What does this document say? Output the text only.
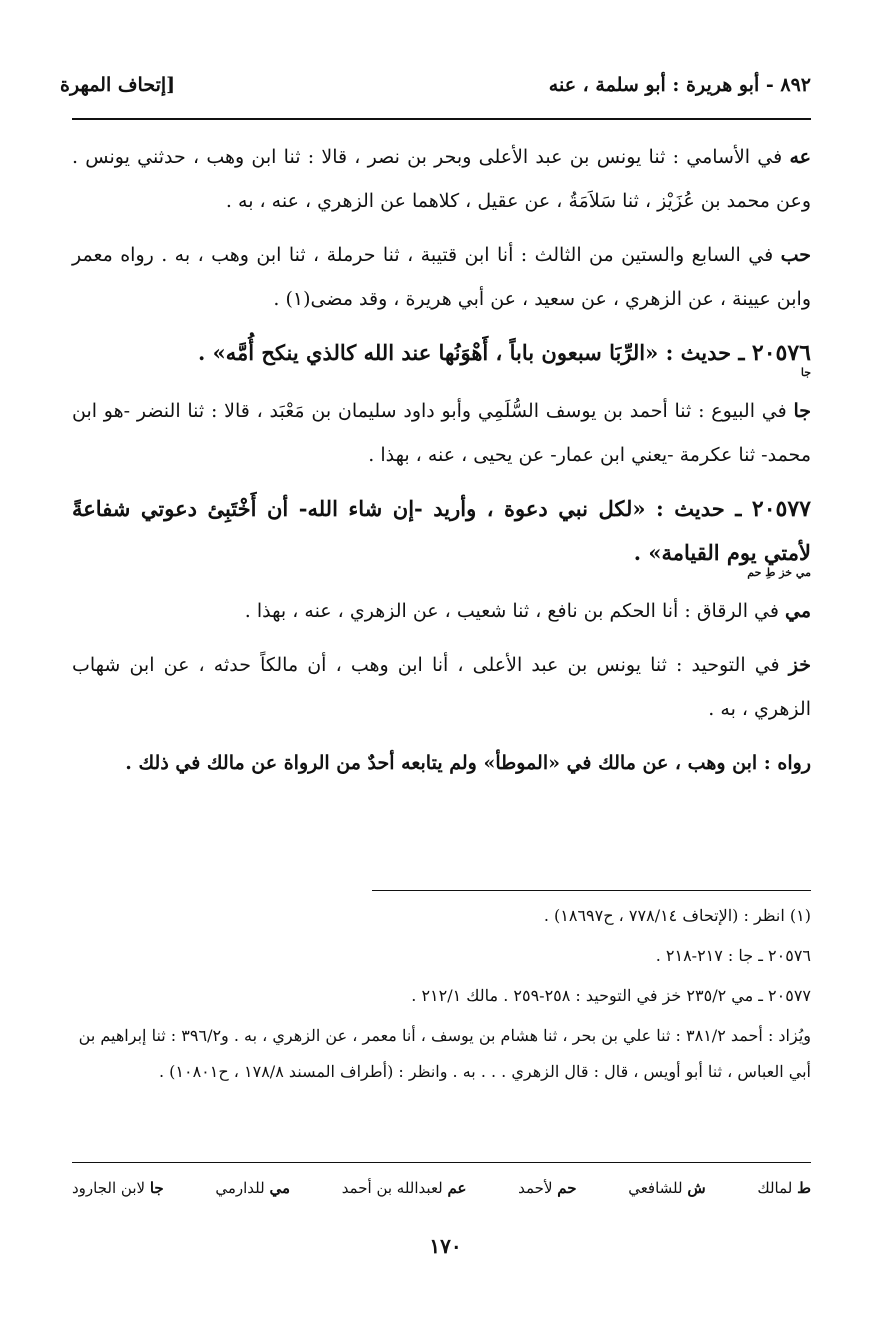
٨٩٢ - أبو هريرة : أبو سلمة ، عنه
[إتحاف المهرة

عه في الأسامي : ثنا يونس بن عبد الأعلى وبحر بن نصر ، قالا : ثنا ابن وهب ، حدثني يونس . وعن محمد بن عُزَيْز ، ثنا سَلاَمَةُ ، عن عقيل ، كلاهما عن الزهري ، عنه ، به .

حب في السابع والستين من الثالث : أنا ابن قتيبة ، ثنا حرملة ، ثنا ابن وهب ، به . رواه معمر وابن عيينة ، عن الزهري ، عن سعيد ، عن أبي هريرة ، وقد مضى(١) .

٢٠٥٧٦ ـ حديث : «الرِّبَا سبعون باباً ، أَهْوَنُها عند الله كالذي ينكح أُمَّه» .
جا

جا في البيوع : ثنا أحمد بن يوسف السُّلَمِي وأبو داود سليمان بن مَعْبَد ، قالا : ثنا النضر -هو ابن محمد- ثنا عكرمة -يعني ابن عمار- عن يحيى ، عنه ، بهذا .

٢٠٥٧٧ ـ حديث : «لكل نبي دعوة ، وأريد -إن شاء الله- أن أَخْتَبِئ دعوتي شفاعةً لأمتي يوم القيامة» .
مي خز طِ حم

مي في الرقاق : أنا الحكم بن نافع ، ثنا شعيب ، عن الزهري ، عنه ، بهذا .

خز في التوحيد : ثنا يونس بن عبد الأعلى ، أنا ابن وهب ، أن مالكاً حدثه ، عن ابن شهاب الزهري ، به .

رواه : ابن وهب ، عن مالك في «الموطأ» ولم يتابعه أحدٌ من الرواة عن مالك في ذلك .

(١) انظر : (الإتحاف ٧٧٨/١٤ ، ح١٨٦٩٧) .

٢٠٥٧٦ ـ جا : ٢١٧-٢١٨ .

٢٠٥٧٧ ـ مي ٢٣٥/٢ خز في التوحيد : ٢٥٨-٢٥٩ . مالك ٢١٢/١ .

ويُزاد : أحمد ٣٨١/٢ : ثنا علي بن بحر ، ثنا هشام بن يوسف ، أنا معمر ، عن الزهري ، به . و٣٩٦/٢ : ثنا إبراهيم بن أبي العباس ، ثنا أبو أويس ، قال : قال الزهري . . . به . وانظر : (أطراف المسند ١٧٨/٨ ، ح١٠٨٠١) .

ط لمالك
ش للشافعي
حم لأحمد
عم لعبدالله بن أحمد
مي للدارمي
جا لابن الجارود
١٧٠
